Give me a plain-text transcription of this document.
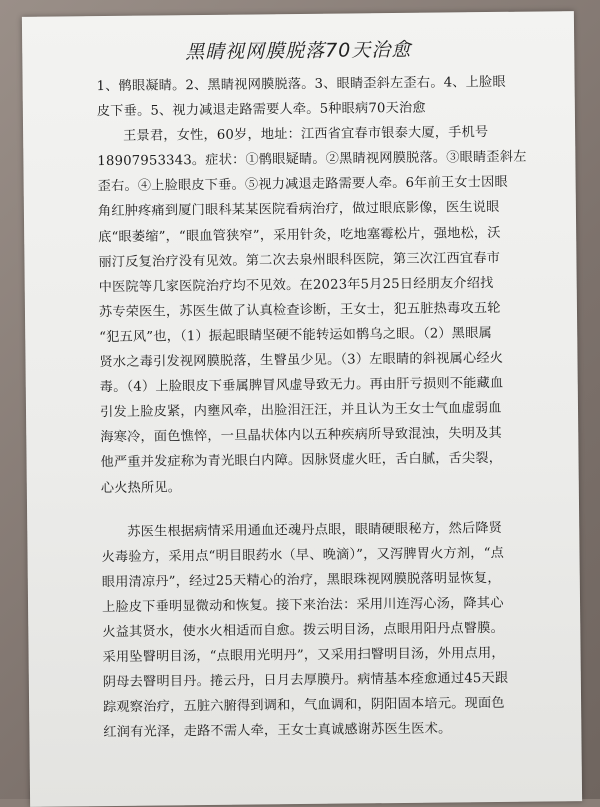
黑睛视网膜脱落70天治愈

1、鹘眼凝睛。2、黑睛视网膜脱落。3、眼睛歪斜左歪右。4、上脸眼

皮下垂。5、视力减退走路需要人牵。5种眼病70天治愈

王景君，女性，60岁，地址：江西省宜春市银泰大厦，手机号

18907953343。症状：①鹘眼疑睛。②黑睛视网膜脱落。③眼睛歪斜左

歪右。④上脸眼皮下垂。⑤视力减退走路需要人牵。6年前王女士因眼

角红肿疼痛到厦门眼科某某医院看病治疗，做过眼底影像，医生说眼

底“眼萎缩”，“眼血管狭窄”，采用针灸，吃地塞霉松片，强地松，沃

丽汀反复治疗没有见效。第二次去泉州眼科医院，第三次江西宜春市

中医院等几家医院治疗均不见效。在2023年5月25日经朋友介绍找

苏专荣医生，苏医生做了认真检查诊断，王女士，犯五脏热毒攻五轮

“犯五风”也，（1）振起眼睛坚硬不能转运如鹘乌之眼。（2）黑眼属

贤水之毒引发视网膜脱落，生瞖虽少见。（3）左眼睛的斜视属心经火

毒。（4）上脸眼皮下垂属脾冒风虚导致无力。再由肝亏损则不能藏血

引发上脸皮紧，内壅风牵，出脸泪汪汪，并且认为王女士气血虚弱血

海寒冷，面色憔悴，一旦晶状体内以五种疾病所导致混浊，失明及其

他严重并发症称为青光眼白内障。因脉贤虚火旺，舌白腻，舌尖裂，

心火热所见。

苏医生根据病情采用通血还魂丹点眼，眼睛硬眼秘方，然后降贤

火毒验方，采用点“明目眼药水（早、晚滴）”，又泻脾胃火方剂，“点

眼用清凉丹”，经过25天精心的治疗，黑眼珠视网膜脱落明显恢复，

上脸皮下垂明显微动和恢复。接下来治法：采用川连泻心汤，降其心

火益其贤水，使水火相适而自愈。拨云明目汤，点眼用阳丹点瞖膜。

采用坠瞖明目汤，“点眼用光明丹”，又采用扫瞖明目汤，外用点用，

阴母去瞖明目丹。捲云丹，日月去厚膜丹。病情基本痊愈通过45天跟

踪观察治疗，五脏六腑得到调和，气血调和，阴阳固本培元。现面色

红润有光泽，走路不需人牵，王女士真诚感谢苏医生医术。
